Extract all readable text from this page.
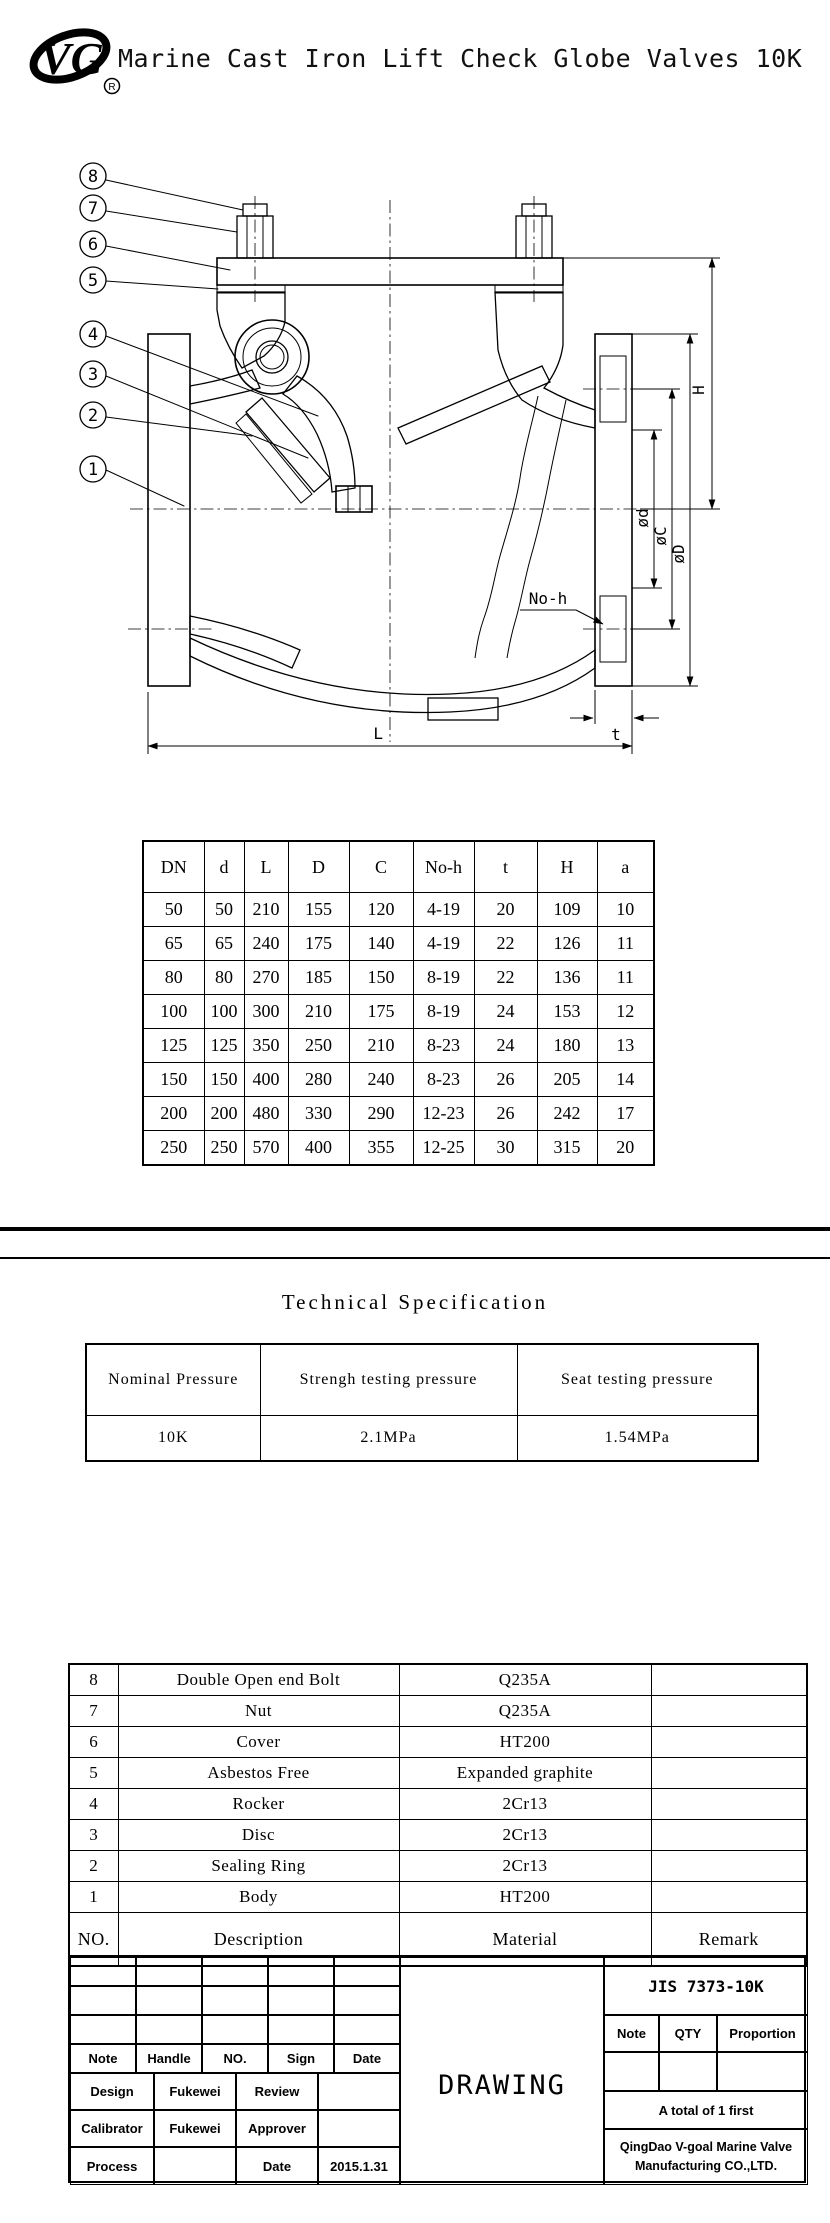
VG
R
Marine Cast Iron Lift Check Globe Valves 10K
L
H
ød
øC
øD
t
No-h
8
7
6
5
4
3
2
1
DN	d	L	D	C	No-h	t	H	a
50	50	210	155	120	4-19	20	109	10
65	65	240	175	140	4-19	22	126	11
80	80	270	185	150	8-19	22	136	11
100	100	300	210	175	8-19	24	153	12
125	125	350	250	210	8-23	24	180	13
150	150	400	280	240	8-23	26	205	14
200	200	480	330	290	12-23	26	242	17
250	250	570	400	355	12-25	30	315	20
Technical Specification
Nominal Pressure	Strengh testing pressure	Seat testing pressure
10K	2.1MPa	1.54MPa
8	Double Open end Bolt	Q235A	
7	Nut	Q235A	
6	Cover	HT200	
5	Asbestos Free	Expanded graphite	
4	Rocker	2Cr13	
3	Disc	2Cr13	
2	Sealing Ring	2Cr13	
1	Body	HT200	
NO.	Description	Material	Remark
Note	Handle	NO.	Sign	Date
Design	Fukewei	Review
Calibrator	Fukewei	Approver
Process	Date	2015.1.31
DRAWING
JIS 7373-10K
Note	QTY	Proportion
A total of 1 first
QingDao V-goal Marine Valve
Manufacturing CO.,LTD.
